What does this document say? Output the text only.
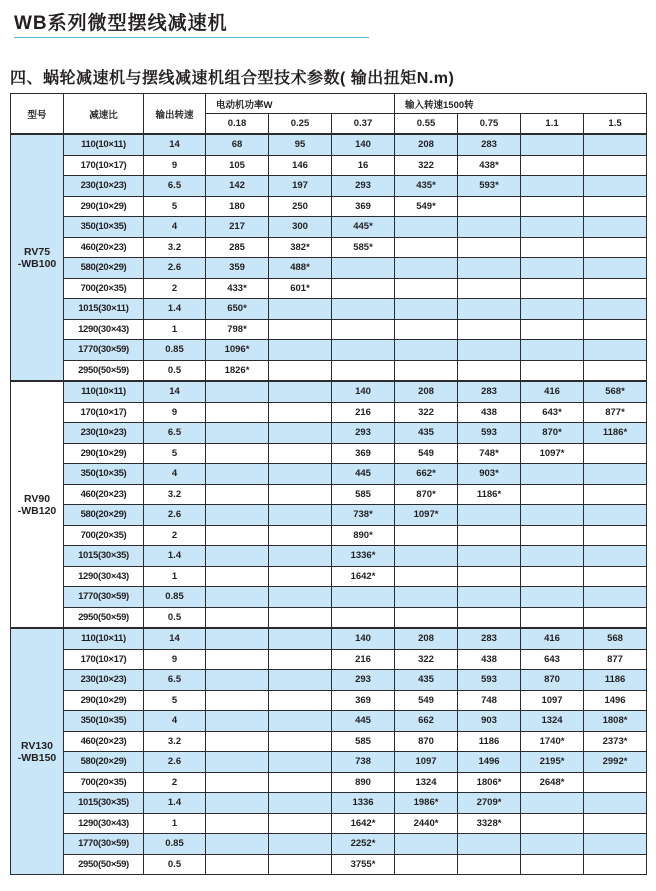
WB系列微型摆线减速机
四、蜗轮减速机与摆线减速机组合型技术参数( 输出扭矩N.m)
型号	减速比	输出转速	电动机功率W			输入转速1500转			
			0.18	0.25	0.37	0.55	0.75	1.1	1.5

RV75
-WB100	110(10×11)	14	68	95	140	208	283		
	170(10×17)	9	105	146	16	322	438*		
	230(10×23)	6.5	142	197	293	435*	593*		
	290(10×29)	5	180	250	369	549*			
	350(10×35)	4	217	300	445*				
	460(20×23)	3.2	285	382*	585*				
	580(20×29)	2.6	359	488*					
	700(20×35)	2	433*	601*					
	1015(30×11)	1.4	650*						
	1290(30×43)	1	798*						
	1770(30×59)	0.85	1096*						
	2950(50×59)	0.5	1826*						

RV90
-WB120	110(10×11)	14			140	208	283	416	568*
	170(10×17)	9			216	322	438	643*	877*
	230(10×23)	6.5			293	435	593	870*	1186*
	290(10×29)	5			369	549	748*	1097*	
	350(10×35)	4			445	662*	903*		
	460(20×23)	3.2			585	870*	1186*		
	580(20×29)	2.6			738*	1097*			
	700(20×35)	2			890*				
	1015(30×35)	1.4			1336*				
	1290(30×43)	1			1642*				
	1770(30×59)	0.85							
	2950(50×59)	0.5							

RV130
-WB150	110(10×11)	14			140	208	283	416	568
	170(10×17)	9			216	322	438	643	877
	230(10×23)	6.5			293	435	593	870	1186
	290(10×29)	5			369	549	748	1097	1496
	350(10×35)	4			445	662	903	1324	1808*
	460(20×23)	3.2			585	870	1186	1740*	2373*
	580(20×29)	2.6			738	1097	1496	2195*	2992*
	700(20×35)	2			890	1324	1806*	2648*	
	1015(30×35)	1.4			1336	1986*	2709*		
	1290(30×43)	1			1642*	2440*	3328*		
	1770(30×59)	0.85			2252*				
	2950(50×59)	0.5			3755*				
